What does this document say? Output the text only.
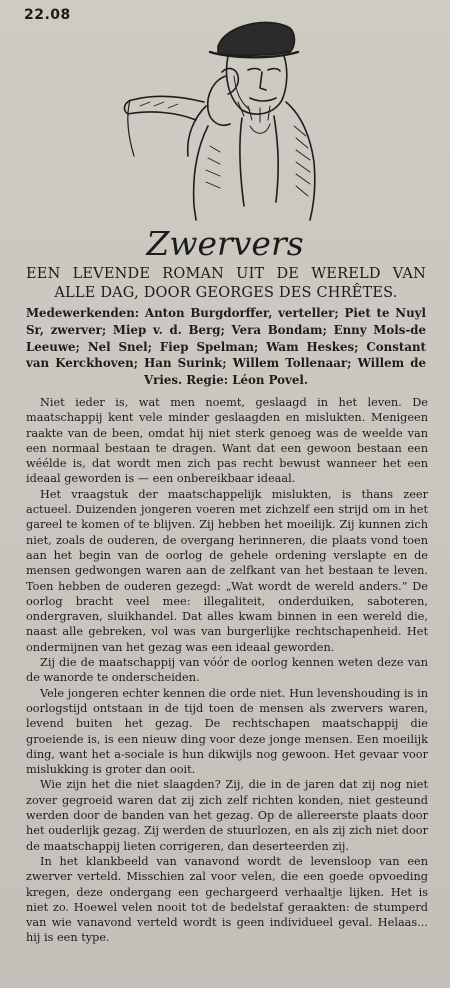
22.08
Zwervers
EEN LEVENDE ROMAN UIT DE WERELD VAN ALLE DAG, DOOR GEORGES DES CHRÊTES.
Medewerkenden: Anton Burgdorffer, verteller; Piet te Nuyl Sr, zwerver; Miep v. d. Berg; Vera Bondam; Enny Mols-de Leeuwe; Nel Snel; Fiep Spelman; Wam Heskes; Constant van Kerckhoven; Han Surink; Willem Tollenaar; Willem de Vries. Regie: Léon Povel.

Niet ieder is, wat men noemt, geslaagd in het leven. De maatschappij kent vele minder geslaagden en mislukten. Menigeen raakte van de been, omdat hij niet sterk genoeg was de weelde van een normaal bestaan te dragen. Want dat een gewoon bestaan een wéélde is, dat wordt men zich pas recht bewust wanneer het een ideaal geworden is — een onbereikbaar ideaal.

Het vraagstuk der maatschappelijk mislukten, is thans zeer actueel. Duizenden jongeren voeren met zichzelf een strijd om in het gareel te komen of te blijven. Zij hebben het moeilijk. Zij kunnen zich niet, zoals de ouderen, de overgang herinneren, die plaats vond toen aan het begin van de oorlog de gehele ordening verslapte en de mensen gedwongen waren aan de zelfkant van het bestaan te leven. Toen hebben de ouderen gezegd: „Wat wordt de wereld anders.” De oorlog bracht veel mee: illegaliteit, onderduiken, saboteren, ondergraven, sluikhandel. Dat alles kwam binnen in een wereld die, naast alle gebreken, vol was van burgerlijke rechtschapenheid. Het ondermijnen van het gezag was een ideaal geworden.

Zij die de maatschappij van vóór de oorlog kennen weten deze van de wanorde te onderscheiden.

Vele jongeren echter kennen die orde niet. Hun levenshouding is in oorlogstijd ontstaan in de tijd toen de mensen als zwervers waren, levend buiten het gezag. De rechtschapen maatschappij die groeiende is, is een nieuw ding voor deze jonge mensen. Een moeilijk ding, want het a-sociale is hun dikwijls nog gewoon. Het gevaar voor mislukking is groter dan ooit.

Wie zijn het die niet slaagden? Zij, die in de jaren dat zij nog niet zover gegroeid waren dat zij zich zelf richten konden, niet gesteund werden door de banden van het gezag. Op de allereerste plaats door het ouderlijk gezag. Zij werden de stuurlozen, en als zij zich niet door de maatschappij lieten corrigeren, dan deserteerden zij.

In het klankbeeld van vanavond wordt de levensloop van een zwerver verteld. Misschien zal voor velen, die een goede opvoeding kregen, deze ondergang een gechargeerd verhaaltje lijken. Het is niet zo. Hoewel velen nooit tot de bedelstaf geraakten: de stumperd van wie vanavond verteld wordt is geen individueel geval. Helaas... hij is een type.
